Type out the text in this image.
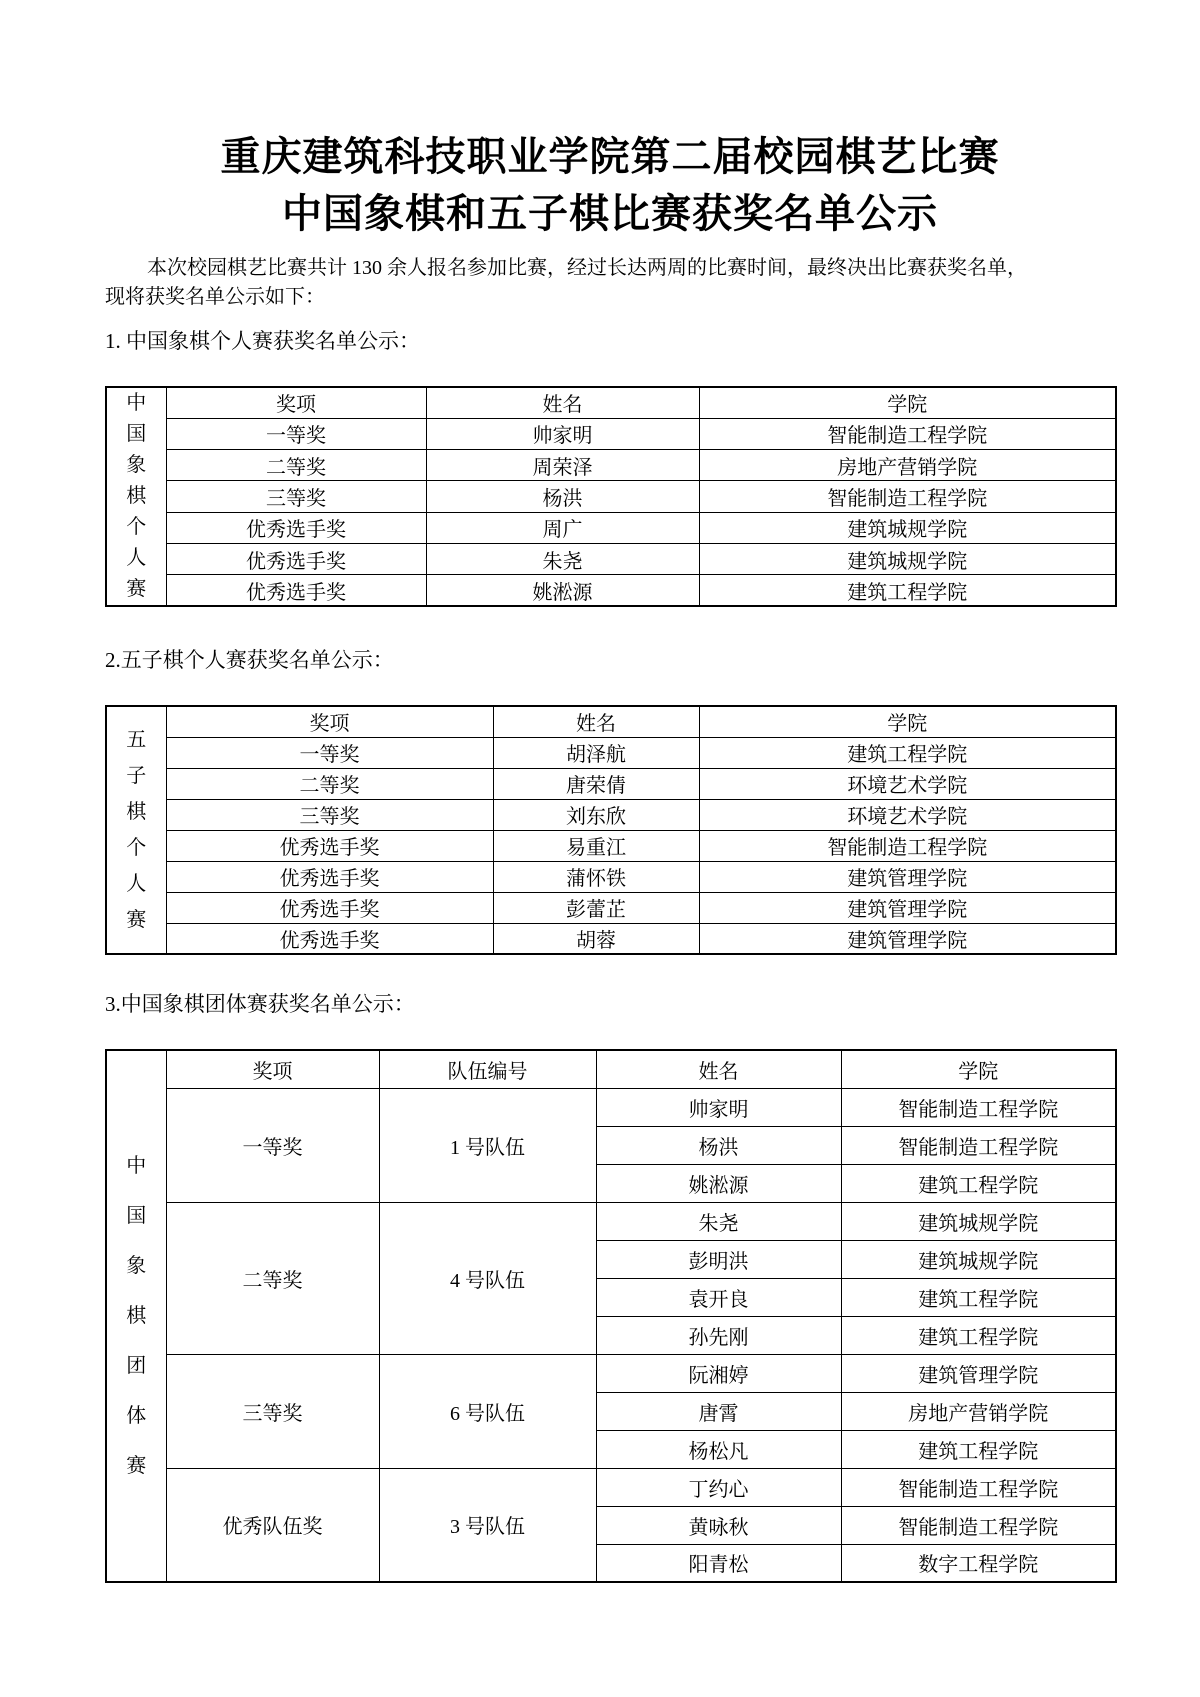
重庆建筑科技职业学院第二届校园棋艺比赛
中国象棋和五子棋比赛获奖名单公示
本次校园棋艺比赛共计 130 余人报名参加比赛，经过长达两周的比赛时间，最终决出比赛获奖名单，
现将获奖名单公示如下：

1. 中国象棋个人赛获奖名单公示：

中
国
象
棋
个
人
赛
	奖项	姓名	学院
	一等奖	帅家明	智能制造工程学院
	二等奖	周荣泽	房地产营销学院
	三等奖	杨洪	智能制造工程学院
	优秀选手奖	周广	建筑城规学院
	优秀选手奖	朱尧	建筑城规学院
	优秀选手奖	姚淞源	建筑工程学院

2.五子棋个人赛获奖名单公示：

五
子
棋
个
人
赛
	奖项	姓名	学院
	一等奖	胡泽航	建筑工程学院
	二等奖	唐荣倩	环境艺术学院
	三等奖	刘东欣	环境艺术学院
	优秀选手奖	易重江	智能制造工程学院
	优秀选手奖	蒲怀铁	建筑管理学院
	优秀选手奖	彭蕾芷	建筑管理学院
	优秀选手奖	胡蓉	建筑管理学院

3.中国象棋团体赛获奖名单公示：

中
国
象
棋
团
体
赛
	奖项	队伍编号	姓名	学院
	一等奖	1 号队伍	帅家明	智能制造工程学院
			杨洪	智能制造工程学院
			姚淞源	建筑工程学院
	二等奖	4 号队伍	朱尧	建筑城规学院
			彭明洪	建筑城规学院
			袁开良	建筑工程学院
			孙先刚	建筑工程学院
	三等奖	6 号队伍	阮湘婷	建筑管理学院
			唐霄	房地产营销学院
			杨松凡	建筑工程学院
	优秀队伍奖	3 号队伍	丁约心	智能制造工程学院
			黄咏秋	智能制造工程学院
			阳青松	数字工程学院
